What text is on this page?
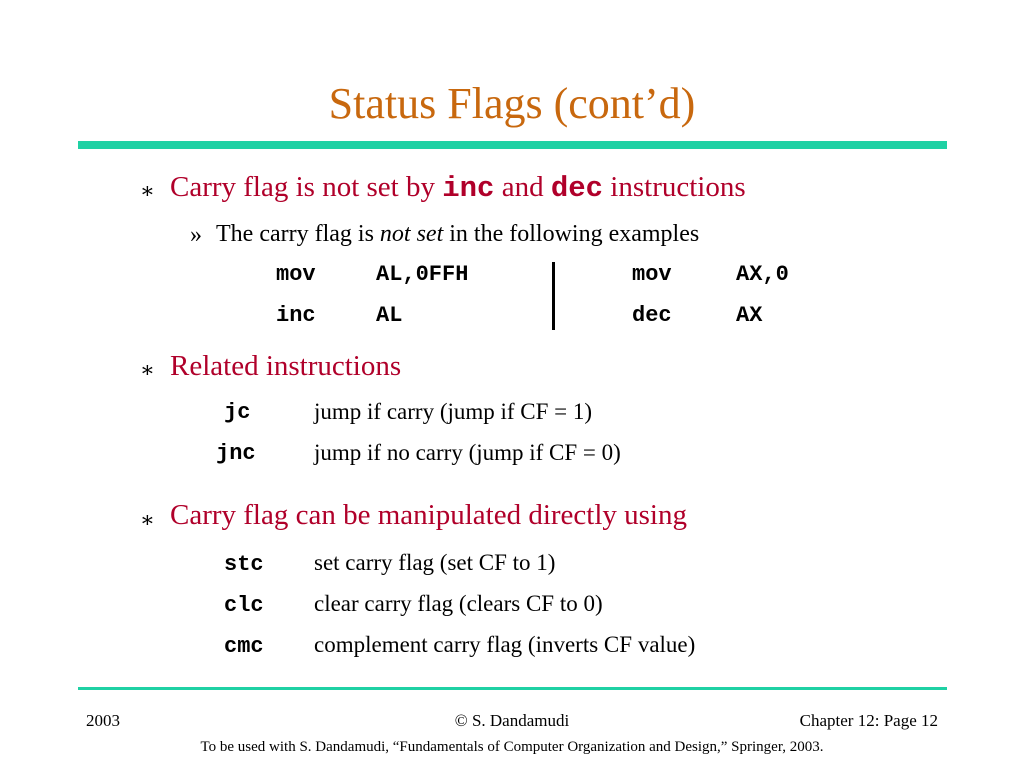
Status Flags (cont’d)
∗ Carry flag is not set by inc and dec instructions
» The carry flag is not set in the following examples
mov	AL,0FFH
inc	AL
mov	AX,0
dec	AX
∗ Related instructions
jc	jump if carry (jump if CF = 1)
jnc	jump if no carry (jump if CF = 0)
∗ Carry flag can be manipulated directly using
stc set carry flag (set CF to 1)
clc clear carry flag (clears CF to 0)
cmc complement carry flag (inverts CF value)
2003	© S. Dandamudi	Chapter 12: Page 12
To be used with S. Dandamudi, “Fundamentals of Computer Organization and Design,” Springer, 2003.
